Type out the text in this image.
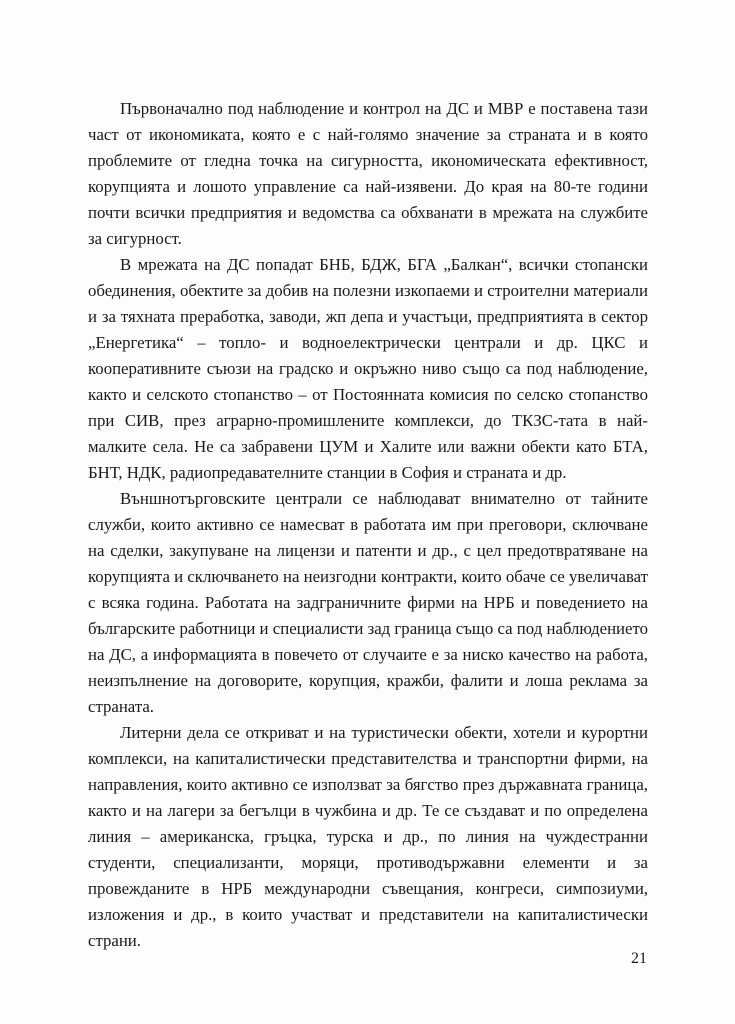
Първоначално под наблюдение и контрол на ДС и МВР е поставена тази част от икономиката, която е с най-голямо значение за страната и в която проблемите от гледна точка на сигурността, икономическата ефективност, корупцията и лошото управление са най-изявени. До края на 80-те години почти всички предприятия и ведомства са обхванати в мрежата на службите за сигурност.

В мрежата на ДС попадат БНБ, БДЖ, БГА „Балкан“, всички стопански обединения, обектите за добив на полезни изкопаеми и строителни материали и за тяхната преработка, заводи, жп депа и участъци, предприятията в сектор „Енергетика“ – топло- и водноелектрически централи и др. ЦКС и кооперативните съюзи на градско и окръжно ниво също са под наблюдение, както и селското стопанство – от Постоянната комисия по селско стопанство при СИВ, през аграрно-промишлените комплекси, до ТКЗС-тата в най-малките села. Не са забравени ЦУМ и Халите или важни обекти като БТА, БНТ, НДК, радиопредавателните станции в София и страната и др.

Външнотърговските централи се наблюдават внимателно от тайните служби, които активно се намесват в работата им при преговори, сключване на сделки, закупуване на лицензи и патенти и др., с цел предотвратяване на корупцията и сключването на неизгодни контракти, които обаче се увеличават с всяка година. Работата на задграничните фирми на НРБ и поведението на българските работници и специалисти зад граница също са под наблюдението на ДС, а информацията в повечето от случаите е за ниско качество на работа, неизпълнение на договорите, корупция, кражби, фалити и лоша реклама за страната.

Литерни дела се откриват и на туристически обекти, хотели и курортни комплекси, на капиталистически представителства и транспортни фирми, на направления, които активно се използват за бягство през държавната граница, както и на лагери за бегълци в чужбина и др. Те се създават и по определена линия – американска, гръцка, турска и др., по линия на чуждестранни студенти, специализанти, моряци, противодържавни елементи и за провежданите в НРБ международни съвещания, конгреси, симпозиуми, изложения и др., в които участват и представители на капиталистически страни.

21
